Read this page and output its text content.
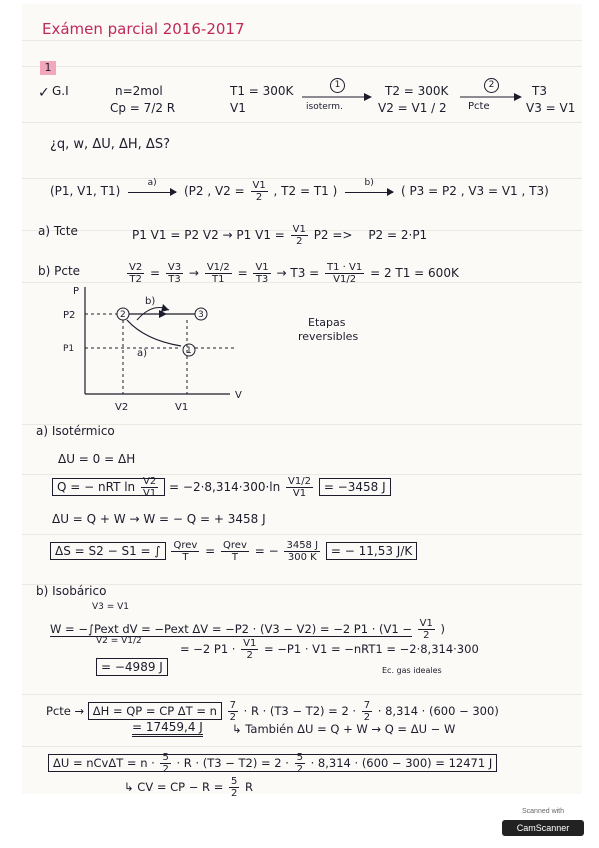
Exámen parcial 2016-2017
1
✓ G.I	n=2mol
Cp = 7/2 R
T1 = 300K
V1
1
isoterm.
T2 = 300K
V2 = V1 / 2
2
Pcte
T3
V3 = V1
¿q, w, ΔU, ΔH, ΔS?
(P1, V1, T1)
a)
(P2 , $V2 = \frac{V1}{2}$ , T2 = T1 )
b)
( P3 = P2 , V3 = V1 , T3)
a) Tcte	P1 V1 = P2 V2 → P1 $V1 = \frac{V1}{2} P2 => P2 = 2\cdot P1$
b) Pcte	$\frac{V2}{T2} = \frac{V3}{T3} \to \frac{V1/2}{T1} = \frac{V1}{T3} \to T3 = \frac{T1 \cdot V1}{V1/2} = 2$ T1 = 600K
P
V
P2
P1
V2	V1
2	3
1
b)
a)
Etapas
reversibles
a) Isotérmico
ΔU = 0 = ΔH
Q = − nRT $\ln \frac{V2}{V1} = -2\cdot 8,314\cdot 300\cdot\ln \frac{V1/2}{V1} = -3458$ J
ΔU = Q + W → W = − Q = + 3458 J
ΔS = S2 − S1 = ∫ $\frac{\text{Qrev}}{T} = \frac{\text{Qrev}}{T}$ = − $\frac{3458 J}{300 K}$ = − 11,53 J/K
b) Isobárico
V3 = V1
W = −∫Pext dV = −Pext ΔV = −P2 · (V3 − V2) = −2 $P1 \cdot (V1 - \frac{V1}{2}$ )
V2 = V1/2
= −2 $P1 \cdot \frac{V1}{2} = -P1 \cdot V1 = -nRT1 = -2\cdot 8,314\cdot 300$
Ec. gas ideales
= −4989 J
Pcte → ΔH = QP = CP ΔT = n $\frac{7}{2} \cdot R \cdot (T3 - T2) = 2 \cdot \frac{7}{2} \cdot 8,314 \cdot (600 - 300)$
= 17459,4 J	↳ También ΔU = Q + W → Q = ΔU − W
$\Delta U = nCv\Delta T = n \cdot \frac{5}{2} \cdot R \cdot (T3 - T2) = 2 \cdot \frac{5}{2} \cdot 8,314 \cdot (600 - 300) = 12471$ J
↳ CV = CP − $R = \frac{5}{2}$ R
Scanned with
CamScanner
